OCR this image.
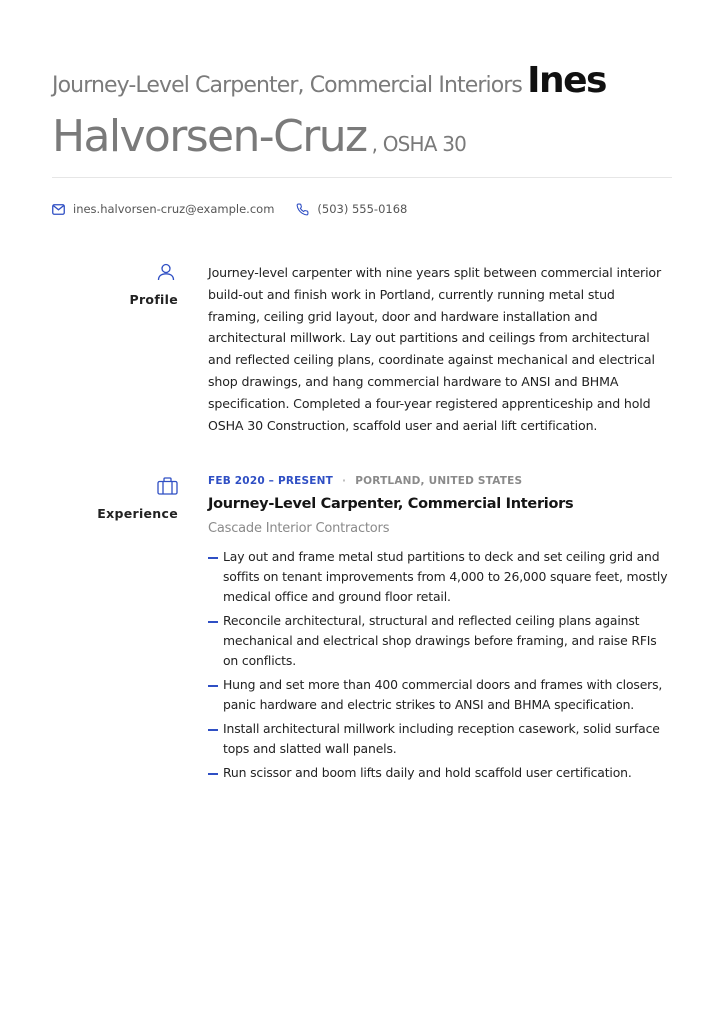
Journey-Level Carpenter, Commercial Interiors Ines
Halvorsen-Cruz , OSHA 30
ines.halvorsen-cruz@example.com	(503) 555-0168
Profile
Journey-level carpenter with nine years split between commercial interior build-out and finish work in Portland, currently running metal stud framing, ceiling grid layout, door and hardware installation and architectural millwork. Lay out partitions and ceilings from architectural and reflected ceiling plans, coordinate against mechanical and electrical shop drawings, and hang commercial hardware to ANSI and BHMA specification. Completed a four-year registered apprenticeship and hold OSHA 30 Construction, scaffold user and aerial lift certification.
Experience
FEB 2020 – PRESENT · PORTLAND, UNITED STATES
Journey-Level Carpenter, Commercial Interiors
Cascade Interior Contractors
Lay out and frame metal stud partitions to deck and set ceiling grid and soffits on tenant improvements from 4,000 to 26,000 square feet, mostly medical office and ground floor retail.
Reconcile architectural, structural and reflected ceiling plans against mechanical and electrical shop drawings before framing, and raise RFIs on conflicts.
Hung and set more than 400 commercial doors and frames with closers, panic hardware and electric strikes to ANSI and BHMA specification.
Install architectural millwork including reception casework, solid surface tops and slatted wall panels.
Run scissor and boom lifts daily and hold scaffold user certification.
